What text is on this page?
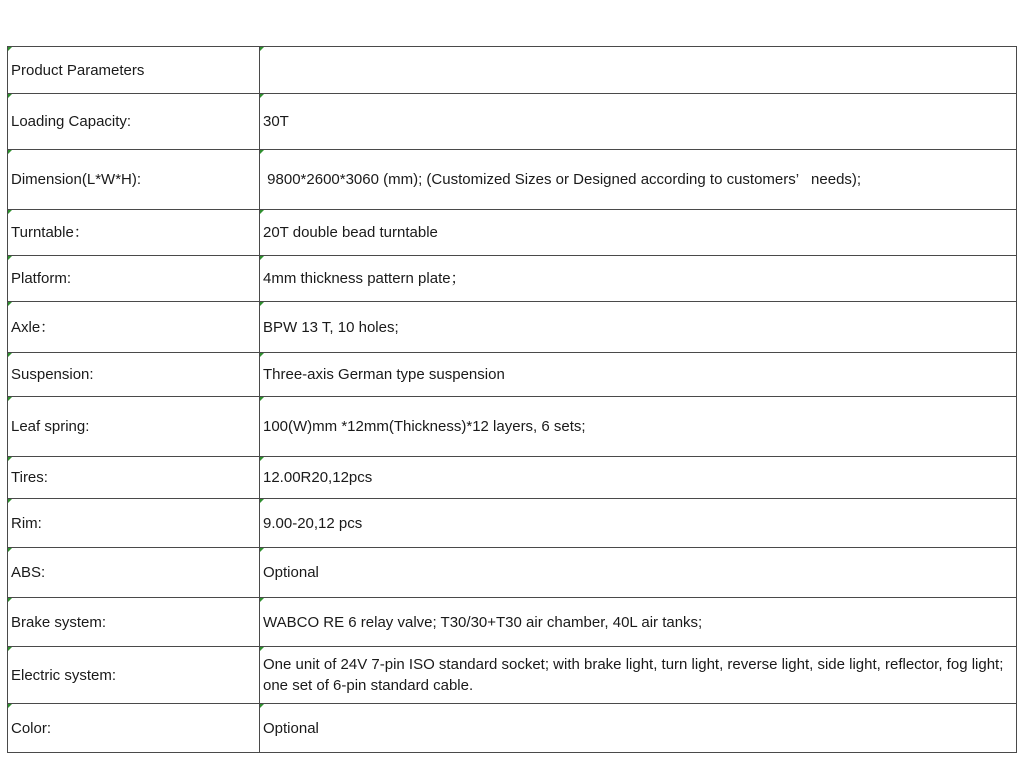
Product Parameters	
Loading Capacity:	30T
Dimension(L*W*H):	9800*2600*3060 (mm); (Customized Sizes or Designed according to customers’   needs);
Turntable：	20T double bead turntable
Platform:	4mm thickness pattern plate；
Axle：	BPW 13 T, 10 holes;
Suspension:	Three-axis German type suspension
Leaf spring:	100(W)mm *12mm(Thickness)*12 layers, 6 sets;
Tires:	12.00R20,12pcs
Rim:	9.00-20,12 pcs
ABS:	Optional
Brake system:	WABCO RE 6 relay valve; T30/30+T30 air chamber, 40L air tanks;
Electric system:	One unit of 24V 7-pin ISO standard socket; with brake light, turn light, reverse light, side light, reflector, fog light; one set of 6-pin standard cable.
Color:	Optional
